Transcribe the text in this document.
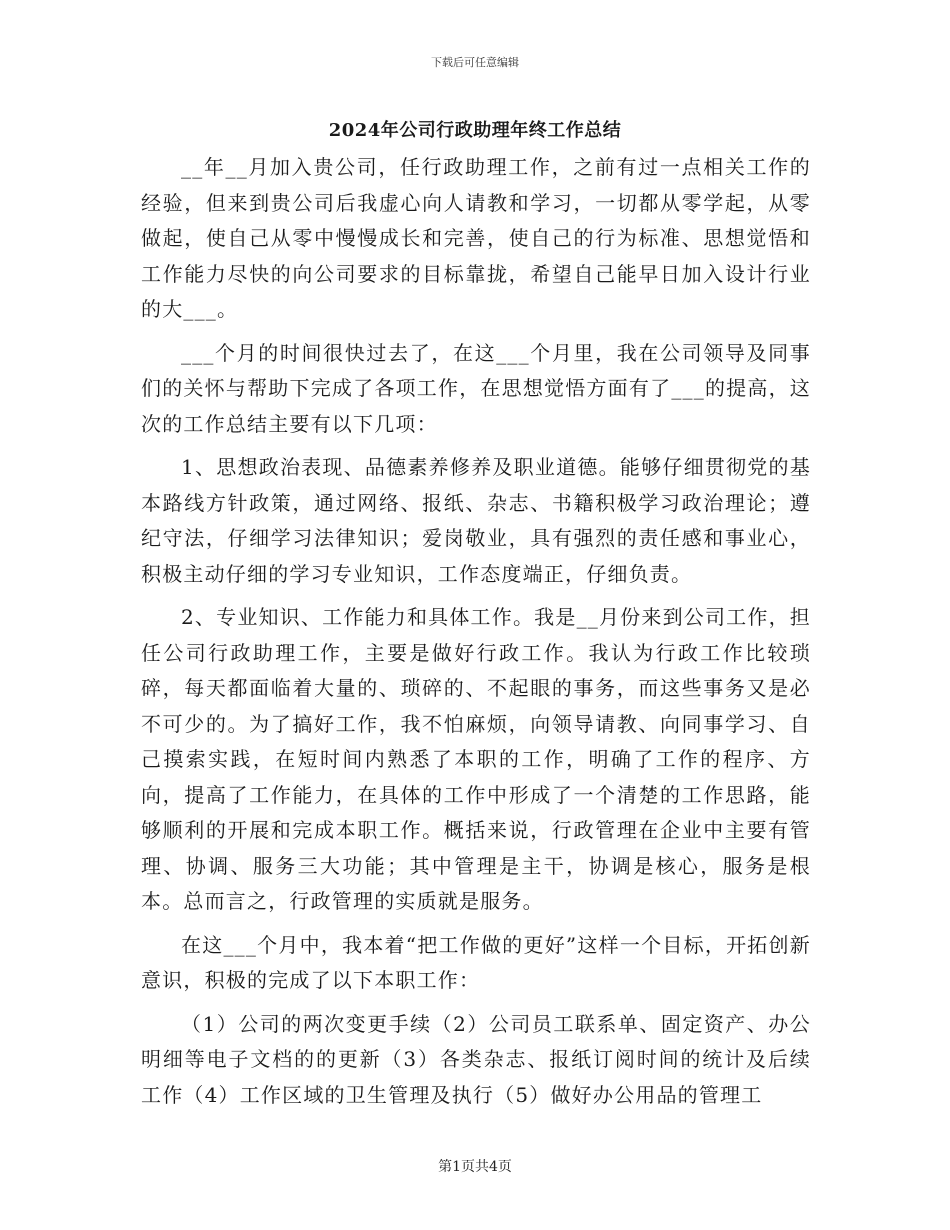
下载后可任意编辑
2024年公司行政助理年终工作总结

__年__月加入贵公司，任行政助理工作，之前有过一点相关工作的经验，但来到贵公司后我虚心向人请教和学习，一切都从零学起，从零做起，使自己从零中慢慢成长和完善，使自己的行为标准、思想觉悟和工作能力尽快的向公司要求的目标靠拢，希望自己能早日加入设计行业的大___。

___个月的时间很快过去了，在这___个月里，我在公司领导及同事们的关怀与帮助下完成了各项工作，在思想觉悟方面有了___的提高，这次的工作总结主要有以下几项：

1、思想政治表现、品德素养修养及职业道德。能够仔细贯彻党的基本路线方针政策，通过网络、报纸、杂志、书籍积极学习政治理论；遵纪守法，仔细学习法律知识；爱岗敬业，具有强烈的责任感和事业心，积极主动仔细的学习专业知识，工作态度端正，仔细负责。

2、专业知识、工作能力和具体工作。我是__月份来到公司工作，担任公司行政助理工作，主要是做好行政工作。我认为行政工作比较琐碎，每天都面临着大量的、琐碎的、不起眼的事务，而这些事务又是必不可少的。为了搞好工作，我不怕麻烦，向领导请教、向同事学习、自己摸索实践，在短时间内熟悉了本职的工作，明确了工作的程序、方向，提高了工作能力，在具体的工作中形成了一个清楚的工作思路，能够顺利的开展和完成本职工作。概括来说，行政管理在企业中主要有管理、协调、服务三大功能；其中管理是主干，协调是核心，服务是根本。总而言之，行政管理的实质就是服务。

在这___个月中，我本着“把工作做的更好”这样一个目标，开拓创新意识，积极的完成了以下本职工作：

（1）公司的两次变更手续（2）公司员工联系单、固定资产、办公明细等电子文档的的更新（3）各类杂志、报纸订阅时间的统计及后续工作（4）工作区域的卫生管理及执行（5）做好办公用品的管理工

第1页共4页
